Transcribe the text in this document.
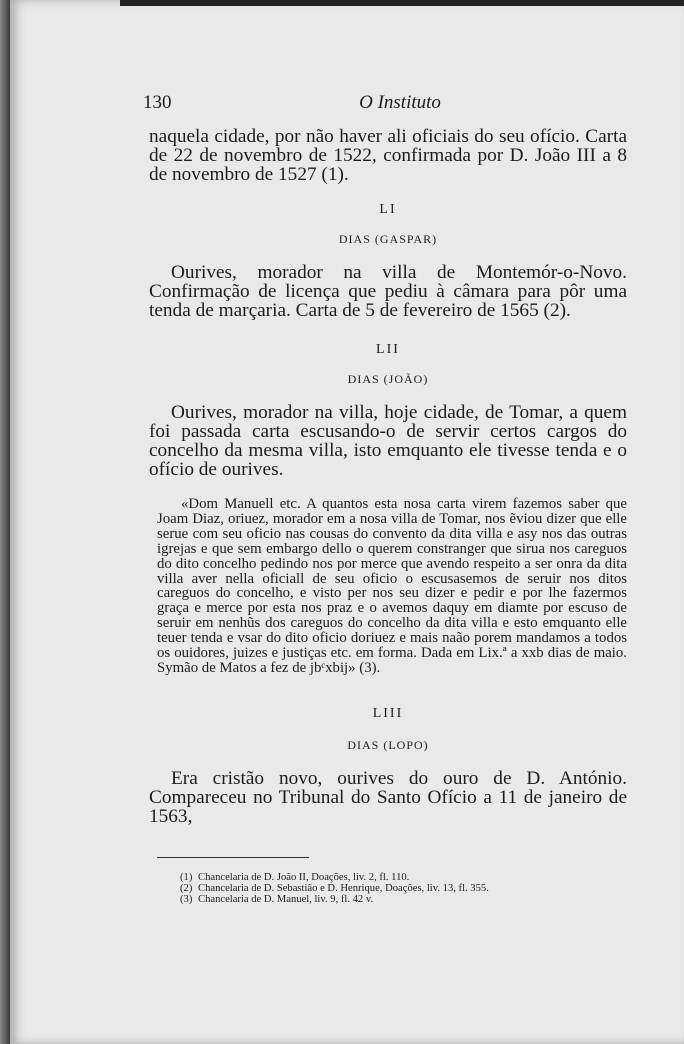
130	O Instituto

naquela cidade, por não haver ali oficiais do seu ofício. Carta de 22 de novembro de 1522, confirmada por D. João III a 8 de novembro de 1527 (1).

LI

DIAS (GASPAR)

Ourives, morador na villa de Montemór-o-Novo. Confirmação de licença que pediu à câmara para pôr uma tenda de marçaria. Carta de 5 de fevereiro de 1565 (2).

LII

DIAS (JOÃO)

Ourives, morador na villa, hoje cidade, de Tomar, a quem foi passada carta escusando-o de servir certos cargos do concelho da mesma villa, isto emquanto ele tivesse tenda e o ofício de ourives.

«Dom Manuell etc. A quantos esta nosa carta virem fazemos saber que Joam Diaz, oriuez, morador em a nosa villa de Tomar, nos ẽviou dizer que elle serue com seu oficio nas cousas do convento da dita villa e asy nos das outras igrejas e que sem embargo dello o querem constranger que sirua nos careguos do dito concelho pedindo nos por merce que avendo respeito a ser onra da dita villa aver nella oficiall de seu oficio o escusasemos de seruir nos ditos careguos do concelho, e visto per nos seu dizer e pedir e por lhe fazermos graça e merce por esta nos praz e o avemos daquy em diamte por escuso de seruir em nenhũs dos careguos do concelho da dita villa e esto emquanto elle teuer tenda e vsar do dito oficio doriuez e mais naão porem mandamos a todos os ouidores, juizes e justiças etc. em forma. Dada em Lix.ª a xxb dias de maio. Symão de Matos a fez de jbᶜxbij» (3).

LIII

DIAS (LOPO)

Era cristão novo, ourives do ouro de D. António. Compareceu no Tribunal do Santo Ofício a 11 de janeiro de 1563,

(1) Chancelaria de D. João II, Doações, liv. 2, fl. 110.
(2) Chancelaria de D. Sebastião e D. Henrique, Doações, liv. 13, fl. 355.
(3) Chancelaria de D. Manuel, liv. 9, fl. 42 v.
